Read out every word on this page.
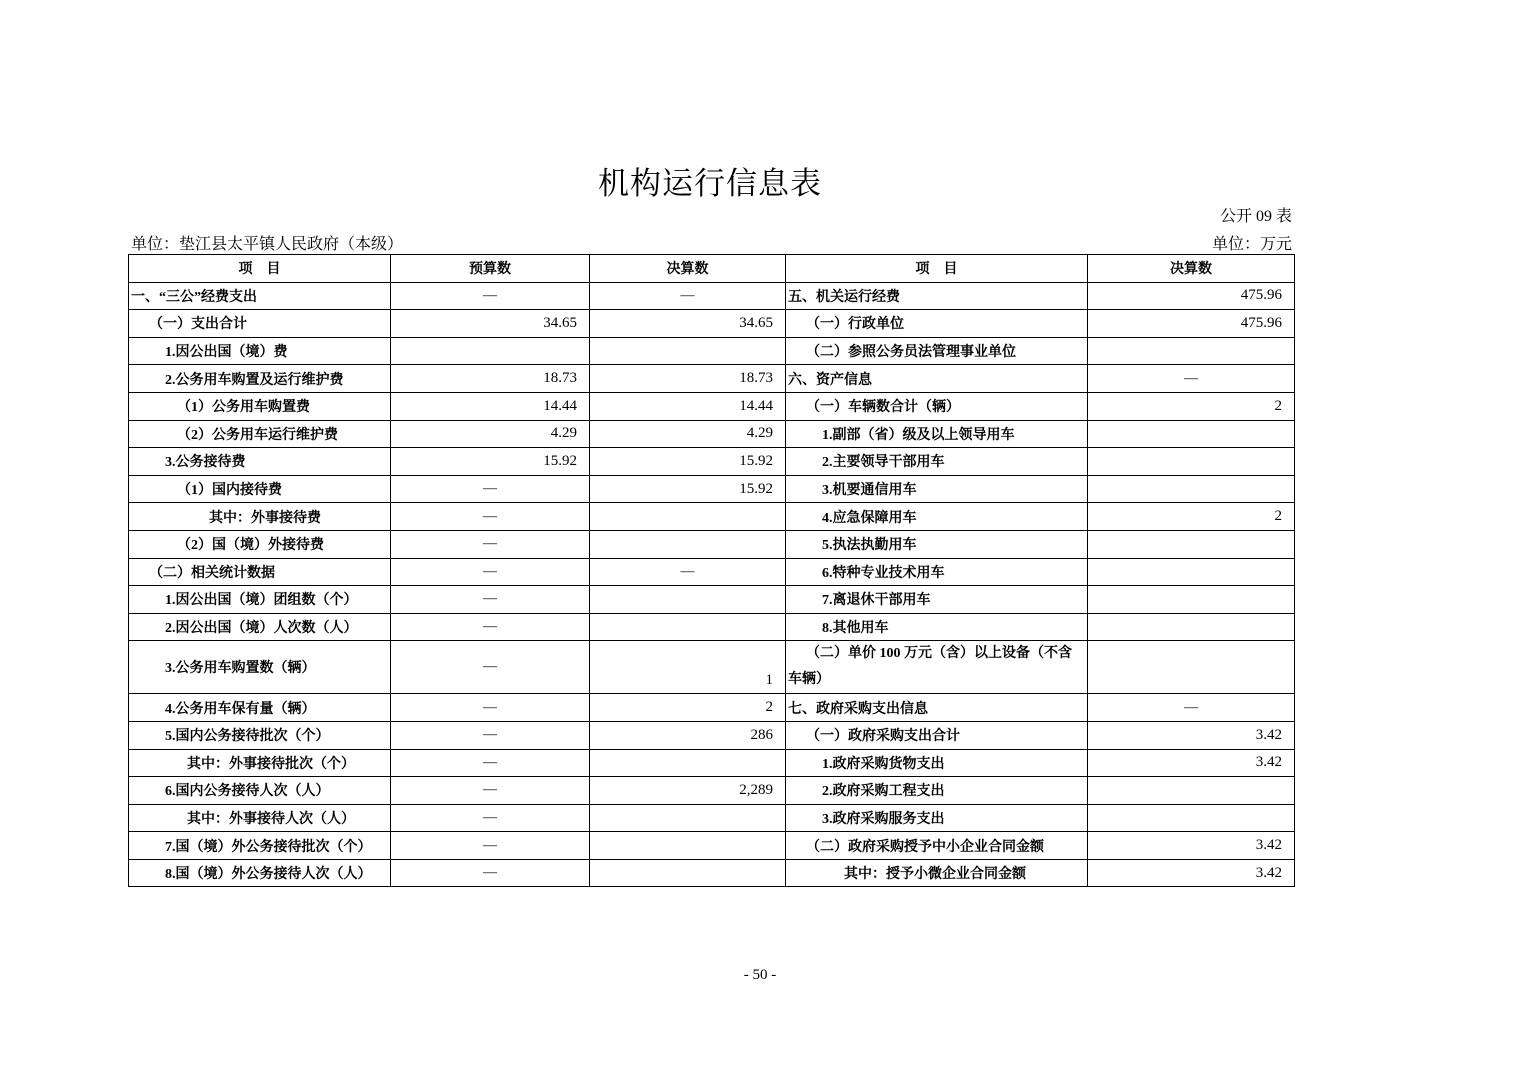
机构运行信息表
公开 09 表
单位：垫江县太平镇人民政府（本级）	单位：万元
项　目	预算数	决算数	项　目	决算数
一、“三公”经费支出	—	—	五、机关运行经费	475.96
（一）支出合计	34.65	34.65	（一）行政单位	475.96
1.因公出国（境）费			（二）参照公务员法管理事业单位	
2.公务用车购置及运行维护费	18.73	18.73	六、资产信息	—
（1）公务用车购置费	14.44	14.44	（一）车辆数合计（辆）	2
（2）公务用车运行维护费	4.29	4.29	1.副部（省）级及以上领导用车	
3.公务接待费	15.92	15.92	2.主要领导干部用车	
（1）国内接待费	—	15.92	3.机要通信用车	
其中：外事接待费	—		4.应急保障用车	2
（2）国（境）外接待费	—		5.执法执勤用车	
（二）相关统计数据	—	—	6.特种专业技术用车	
1.因公出国（境）团组数（个）	—		7.离退休干部用车	
2.因公出国（境）人次数（人）	—		8.其他用车	
3.公务用车购置数（辆）	—	1	（二）单价 100 万元（含）以上设备（不含车辆）	
4.公务用车保有量（辆）	—	2	七、政府采购支出信息	—
5.国内公务接待批次（个）	—	286	（一）政府采购支出合计	3.42
其中：外事接待批次（个）	—		1.政府采购货物支出	3.42
6.国内公务接待人次（人）	—	2,289	2.政府采购工程支出	
其中：外事接待人次（人）	—		3.政府采购服务支出	
7.国（境）外公务接待批次（个）	—		（二）政府采购授予中小企业合同金额	3.42
8.国（境）外公务接待人次（人）	—		其中：授予小微企业合同金额	3.42
- 50 -
